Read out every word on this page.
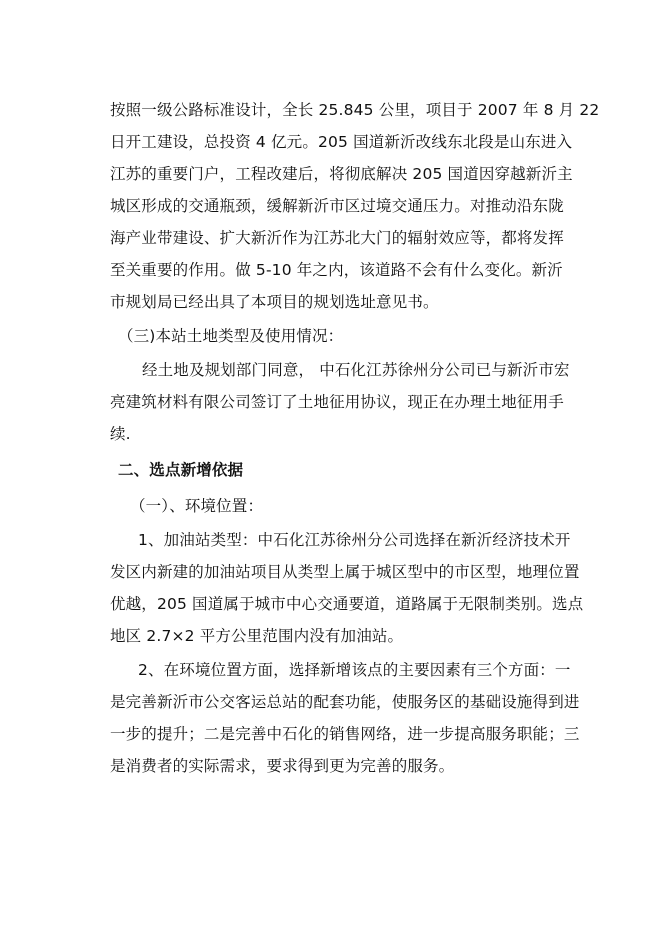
按照一级公路标准设计，全长 25.845 公里，项目于 2007 年 8 月 22
日开工建设，总投资 4 亿元。205 国道新沂改线东北段是山东进入
江苏的重要门户，工程改建后，将彻底解决 205 国道因穿越新沂主
城区形成的交通瓶颈，缓解新沂市区过境交通压力。对推动沿东陇
海产业带建设、扩大新沂作为江苏北大门的辐射效应等，都将发挥
至关重要的作用。做 5-10 年之内，该道路不会有什么变化。新沂
市规划局已经出具了本项目的规划选址意见书。
（三)本站土地类型及使用情况：
经土地及规划部门同意， 中石化江苏徐州分公司已与新沂市宏
亮建筑材料有限公司签订了土地征用协议，现正在办理土地征用手
续.
二、选点新增依据
（一）、环境位置：
1、加油站类型：中石化江苏徐州分公司选择在新沂经济技术开
发区内新建的加油站项目从类型上属于城区型中的市区型，地理位置
优越，205 国道属于城市中心交通要道，道路属于无限制类别。选点
地区 2.7×2 平方公里范围内没有加油站。
2、在环境位置方面，选择新增该点的主要因素有三个方面：一
是完善新沂市公交客运总站的配套功能，使服务区的基础设施得到进
一步的提升；二是完善中石化的销售网络，进一步提高服务职能；三
是消费者的实际需求，要求得到更为完善的服务。
